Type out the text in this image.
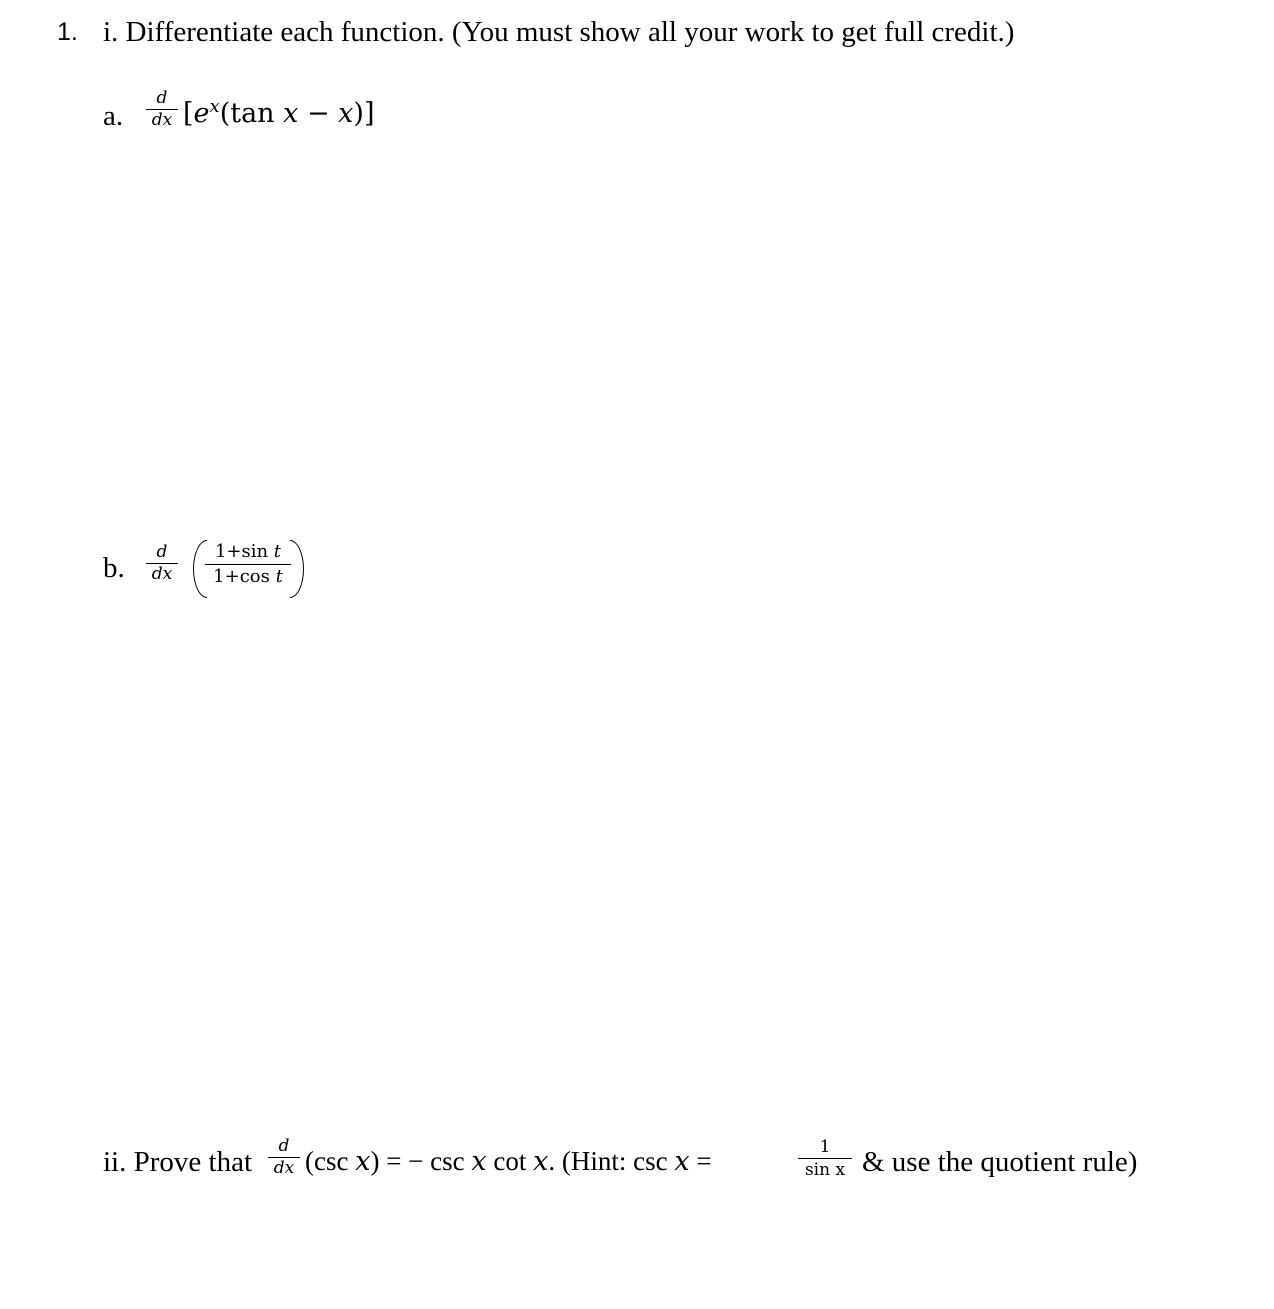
1. i. Differentiate each function. (You must show all your work to get full credit.)
a.
d
dx [$e^x(\tan$ x − x)]
b.	d
dx
1+sin t
1+cos t
ii. Prove that	d
dx (csc x) = − csc x cot x. (Hint: csc x =	1
sin x & use the quotient rule)
